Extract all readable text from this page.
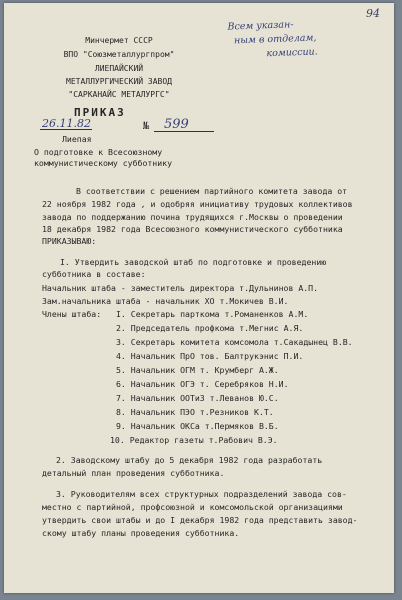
94
Всем указан-
ным в отделам,
комиссии.
Минчермет СССР
ВПО "Союзметаллургпром"
ЛИЕПАЙСКИЙ
МЕТАЛЛУРГИЧЕСКИЙ ЗАВОД
"САРКАНАЙС МЕТАЛУРГС"
ПРИКАЗ
26.11.82	№ 599
Лиепая
О подготовке к Всесоюзному
коммунистическому субботнику
В соответствии с решением партийного комитета завода от
22 ноября 1982 года , и одобряя инициативу трудовых коллективов
завода по поддержанию почина трудящихся г.Москвы о проведении
18 декабря 1982 года Всесоюзного коммунистического субботника
ПРИКАЗЫВАЮ:
I. Утвердить заводской штаб по подготовке и проведению
субботника в составе:
Начальник штаба - заместитель директора т.Дульнинов А.П.
Зам.начальника штаба - начальник ХО т.Мокичев В.И.
Члены штаба: I. Секретарь парткома т.Романенков А.М.
2. Председатель профкома т.Мегнис А.Я.
3. Секретарь комитета комсомола т.Сакадынец В.В.
4. Начальник ПрО тов. Балтрукэнис П.И.
5. Начальник ОГМ т. Крумберг А.Ж.
6. Начальник ОГЭ т. Серебряков Н.И.
7. Начальник ООТиЗ т.Леванов Ю.С.
8. Начальник ПЭО т.Резников К.Т.
9. Начальник ОКСа т.Пермяков В.Б.
10. Редактор газеты т.Рабович В.Э.
2. Заводскому штабу до 5 декабря 1982 года разработать
детальный план проведения субботника.
3. Руководителям всех структурных подразделений завода сов-
местно с партийной, профсоюзной и комсомольской организациями
утвердить свои штабы и до I декабря 1982 года представить завод-
скому штабу планы проведения субботника.
